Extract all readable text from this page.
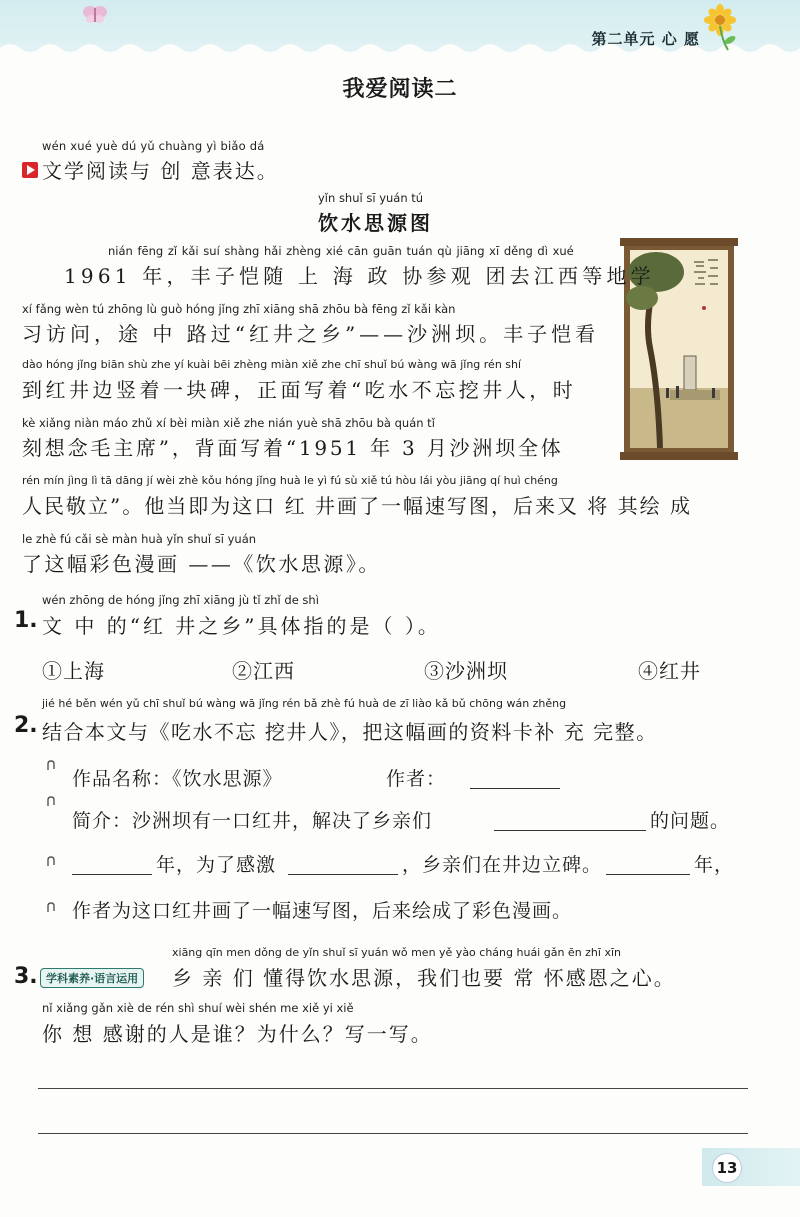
第二单元 心 愿
我爱阅读二
wén xué yuè dú yǔ chuàng yì biǎo dá
文学阅读与 创 意表达。
yǐn shuǐ sī yuán tú
饮水思源图
nián fēng zǐ kǎi suí shàng hǎi zhèng xié cān guān tuán qù jiāng xī děng dì xué
1961 年，丰子恺随 上 海 政 协参观 团去江西等地学
xí fǎng wèn tú zhōng lù guò hóng jǐng zhī xiāng shā zhōu bà fēng zǐ kǎi kàn
习访问，途 中 路过“红井之乡”——沙洲坝。丰子恺看
dào hóng jǐng biān shù zhe yí kuài bēi zhèng miàn xiě zhe chī shuǐ bú wàng wā jǐng rén shí
到红井边竖着一块碑，正面写着“吃水不忘挖井人，时
kè xiǎng niàn máo zhǔ xí bèi miàn xiě zhe nián yuè shā zhōu bà quán tǐ
刻想念毛主席”，背面写着“1951 年 3 月沙洲坝全体
rén mín jìng lì tā dāng jí wèi zhè kǒu hóng jǐng huà le yì fú sù xiě tú hòu lái yòu jiāng qí huì chéng
人民敬立”。他当即为这口 红 井画了一幅速写图，后来又 将 其绘 成
le zhè fú cǎi sè màn huà yǐn shuǐ sī yuán
了这幅彩色漫画 ——《饮水思源》。
wén zhōng de hóng jǐng zhī xiāng jù tǐ zhǐ de shì
1. 文 中 的“红 井之乡”具体指的是（ ）。
①上海	②江西	③沙洲坝	④红井
jié hé běn wén yǔ chī shuǐ bú wàng wā jǐng rén bǎ zhè fú huà de zī liào kǎ bǔ chōng wán zhěng
2. 结合本文与《吃水不忘 挖井人》，把这幅画的资料卡补 充 完整。
作品名称：《饮水思源》	作者：
简介：沙洲坝有一口红井，解决了乡亲们	的问题。
年，为了感激	，乡亲们在井边立碑。	年，
作者为这口红井画了一幅速写图，后来绘成了彩色漫画。
3. 学科素养·语言运用
xiāng qīn men dǒng de yǐn shuǐ sī yuán wǒ men yě yào cháng huái gǎn ēn zhī xīn
乡 亲 们 懂得饮水思源，我们也要 常 怀感恩之心。
nǐ xiǎng gǎn xiè de rén shì shuí wèi shén me xiě yi xiě
你 想 感谢的人是谁？为什么？写一写。
13
